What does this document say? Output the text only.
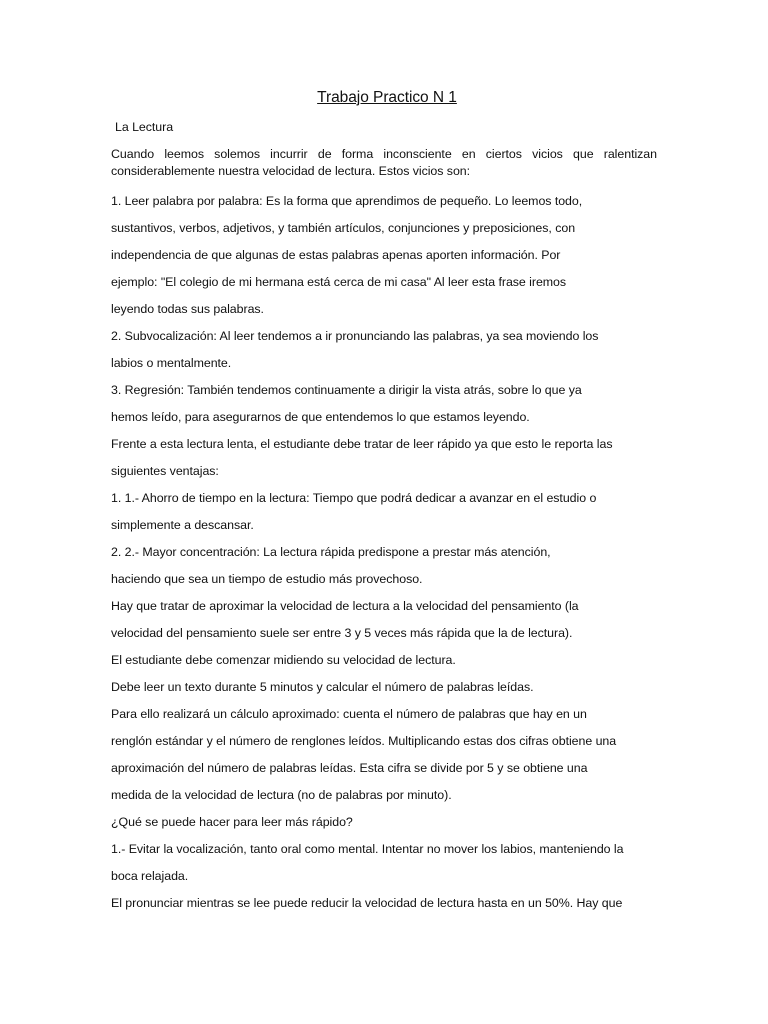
Trabajo Practico N 1
La Lectura
Cuando leemos solemos incurrir de forma inconsciente en ciertos vicios que ralentizan considerablemente nuestra velocidad de lectura. Estos vicios son:
1. Leer palabra por palabra: Es la forma que aprendimos de pequeño. Lo leemos todo,
sustantivos, verbos, adjetivos, y también artículos, conjunciones y preposiciones, con
independencia de que algunas de estas palabras apenas aporten información. Por
ejemplo: "El colegio de mi hermana está cerca de mi casa" Al leer esta frase iremos
leyendo todas sus palabras.
2. Subvocalización: Al leer tendemos a ir pronunciando las palabras, ya sea moviendo los
labios o mentalmente.
3. Regresión: También tendemos continuamente a dirigir la vista atrás, sobre lo que ya
hemos leído, para asegurarnos de que entendemos lo que estamos leyendo.
Frente a esta lectura lenta, el estudiante debe tratar de leer rápido ya que esto le reporta las
siguientes ventajas:
1. 1.- Ahorro de tiempo en la lectura: Tiempo que podrá dedicar a avanzar en el estudio o
simplemente a descansar.
2. 2.- Mayor concentración: La lectura rápida predispone a prestar más atención,
haciendo que sea un tiempo de estudio más provechoso.
Hay que tratar de aproximar la velocidad de lectura a la velocidad del pensamiento (la
velocidad del pensamiento suele ser entre 3 y 5 veces más rápida que la de lectura).
El estudiante debe comenzar midiendo su velocidad de lectura.
Debe leer un texto durante 5 minutos y calcular el número de palabras leídas.
Para ello realizará un cálculo aproximado: cuenta el número de palabras que hay en un
renglón estándar y el número de renglones leídos. Multiplicando estas dos cifras obtiene una
aproximación del número de palabras leídas. Esta cifra se divide por 5 y se obtiene una
medida de la velocidad de lectura (no de palabras por minuto).
¿Qué se puede hacer para leer más rápido?
1.- Evitar la vocalización, tanto oral como mental. Intentar no mover los labios, manteniendo la
boca relajada.
El pronunciar mientras se lee puede reducir la velocidad de lectura hasta en un 50%. Hay que
